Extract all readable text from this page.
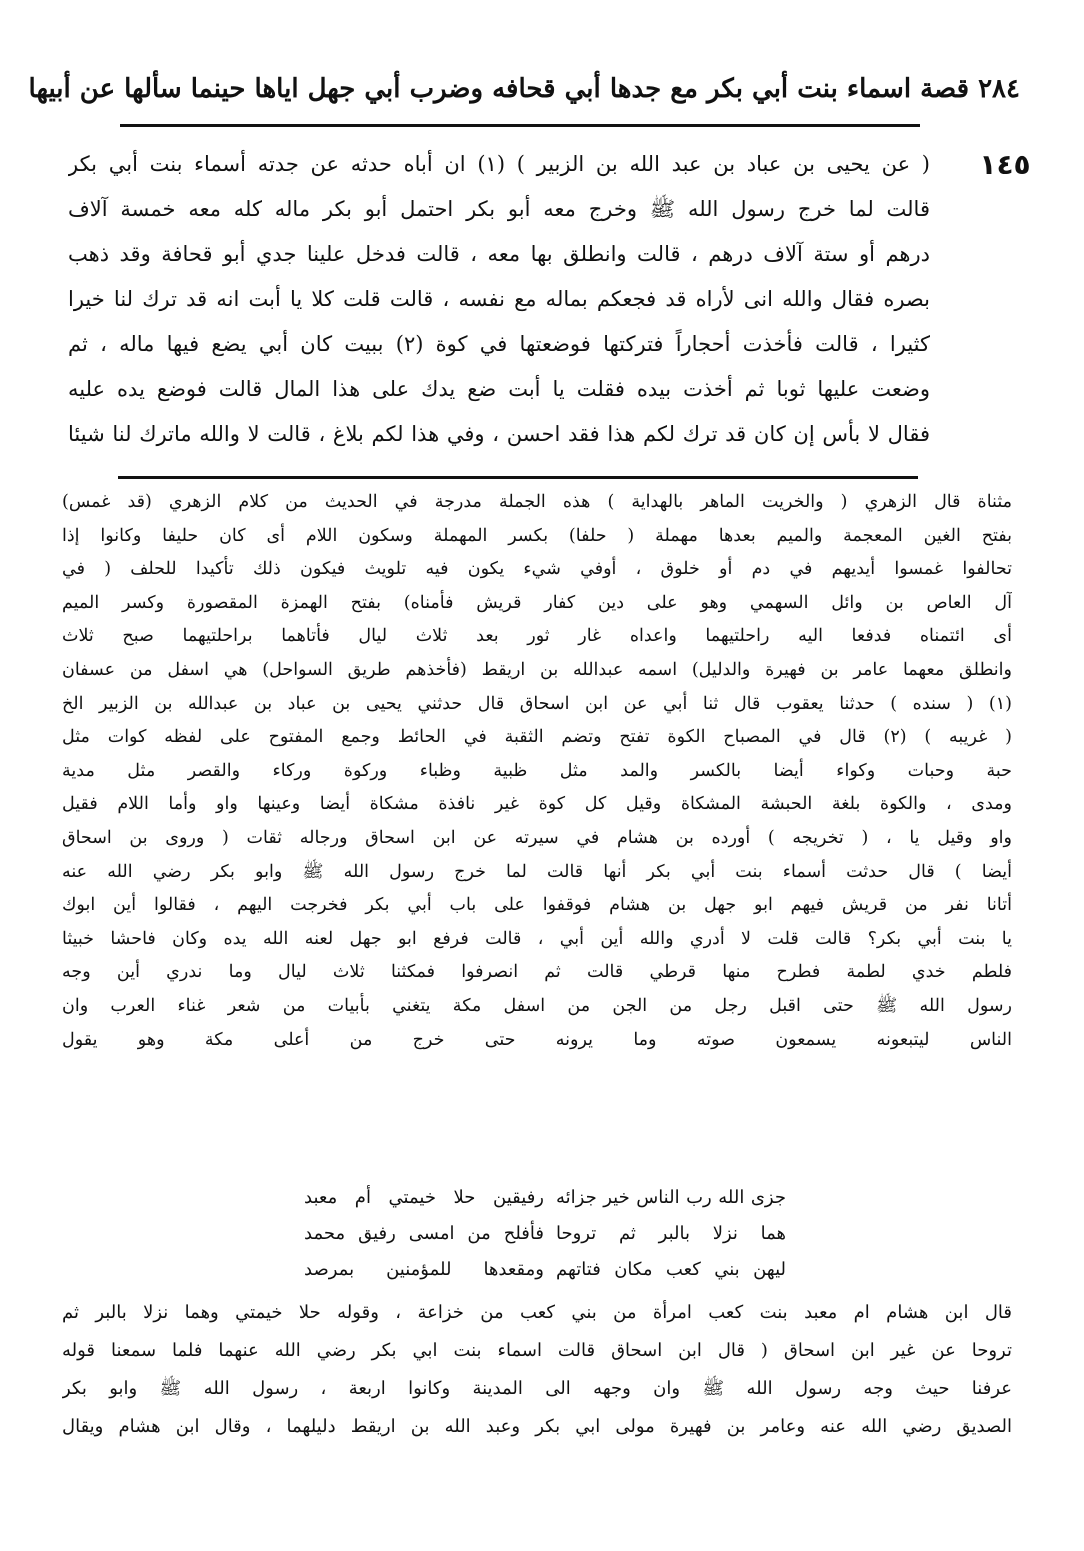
٢٨٤ قصة اسماء بنت أبي بكر مع جدها أبي قحافه وضرب أبي جهل اياها حينما سألها عن أبيها
١٤٥
( عن يحيى بن عباد بن عبد الله بن الزبير ) (١) ان أباه حدثه عن جدته أسماء بنت أبي بكر
قالت لما خرج رسول الله ﷺ وخرج معه أبو بكر احتمل أبو بكر ماله كله معه خمسة آلاف
درهم أو ستة آلاف درهم ، قالت وانطلق بها معه ، قالت فدخل علينا جدي أبو قحافة وقد ذهب
بصره فقال والله انى لأراه قد فجعكم بماله مع نفسه ، قالت قلت كلا يا أبت انه قد ترك لنا خيرا
كثيرا ، قالت فأخذت أحجاراً فتركتها فوضعتها في كوة (٢) ببيت كان أبي يضع فيها ماله ، ثم
وضعت عليها ثوبا ثم أخذت بيده فقلت يا أبت ضع يدك على هذا المال قالت فوضع يده عليه
فقال لا بأس إن كان قد ترك لكم هذا فقد احسن ، وفي هذا لكم بلاغ ، قالت لا والله ماترك لنا شيئا
مثناة قال الزهري ( والخريت الماهر بالهداية ) هذه الجملة مدرجة في الحديث من كلام الزهري (قد غمس)
بفتح الغين المعجمة والميم بعدها مهملة ( حلفا) بكسر المهملة وسكون اللام أى كان حليفا وكانوا إذا
تحالفوا غمسوا أيديهم في دم أو خلوق ، أوفي شيء يكون فيه تلويث فيكون ذلك تأكيدا للحلف ( في
آل العاص بن وائل السهمي وهو على دين كفار قريش فأمناه) بفتح الهمزة المقصورة وكسر الميم
أى ائتمناه فدفعا اليه راحلتيهما واعداه غار ثور بعد ثلاث ليال فأتاهما براحلتيهما صبح ثلاث
وانطلق معهما عامر بن فهيرة والدليل) اسمه عبدالله بن اريقط (فأخذهم طريق السواحل) هي اسفل من عسفان
(١) ( سنده ) حدثنا يعقوب قال ثنا أبي عن ابن اسحاق قال حدثني يحيى بن عباد بن عبدالله بن الزبير الخ
( غريبه ) (٢) قال في المصباح الكوة تفتح وتضم الثقبة في الحائط وجمع المفتوح على لفظه كوات مثل
حبة وحبات وكواء أيضا بالكسر والمد مثل ظبية وظباء وركوة وركاء والقصر مثل مدية
ومدى ، والكوة بلغة الحبشة المشكاة وقيل كل كوة غير نافذة مشكاة أيضا وعينها واو وأما اللام فقيل
واو وقيل يا ، ( تخريجه ) أورده بن هشام في سيرته عن ابن اسحاق ورجاله ثقات ( وروى بن اسحاق
أيضا ) قال حدثت أسماء بنت أبي بكر أنها قالت لما خرج رسول الله ﷺ وابو بكر رضي الله عنه
أتانا نفر من قريش فيهم ابو جهل بن هشام فوقفوا على باب أبي بكر فخرجت اليهم ، فقالوا أين ابوك
يا بنت أبي بكر؟ قالت قلت لا أدري والله أين أبي ، قالت فرفع ابو جهل لعنه الله يده وكان فاحشا خبيثا
فلطم خدي لطمة فطرح منها قرطي قالت ثم انصرفوا فمكثنا ثلاث ليال وما ندري أين وجه
رسول الله ﷺ حتى اقبل رجل من الجن من اسفل مكة يتغني بأبيات من شعر غناء العرب وان
الناس ليتبعونه يسمعون صوته وما يرونه حتى خرج من أعلى مكة وهو يقول
جزى الله رب الناس خير جزائه
رفيقين حلا خيمتي أم معبد
هما نزلا بالبر ثم تروحا
فأفلح من امسى رفيق محمد
ليهن بني كعب مكان فتاتهم
ومقعدها للمؤمنين بمرصد
قال ابن هشام ام معبد بنت كعب امرأة من بني كعب من خزاعة ، وقوله حلا خيمتي وهما نزلا بالبر ثم
تروحا عن غير ابن اسحاق ( قال ابن اسحاق قالت اسماء بنت ابي بكر رضي الله عنهما فلما سمعنا قوله
عرفنا حيث وجه رسول الله ﷺ وان وجهه الى المدينة وكانوا اربعة ، رسول الله ﷺ وابو بكر
الصديق رضي الله عنه وعامر بن فهيرة مولى ابي بكر وعبد الله بن اريقط دليلهما ، وقال ابن هشام ويقال
